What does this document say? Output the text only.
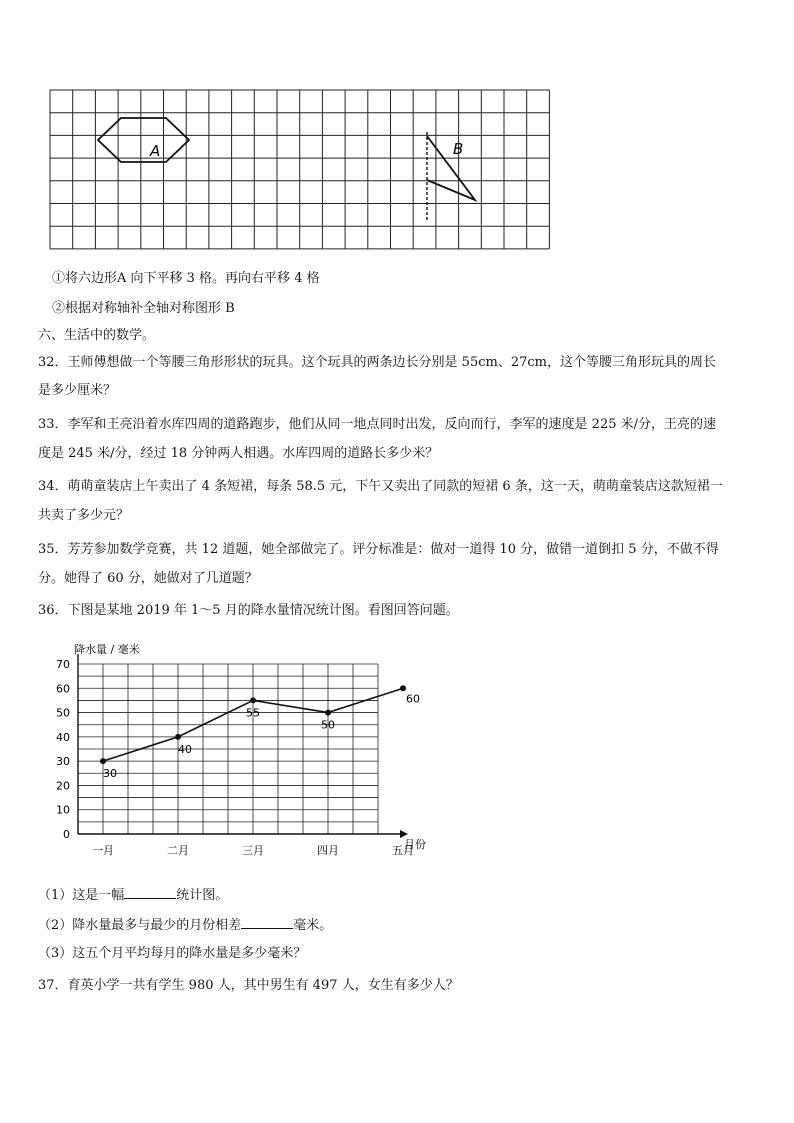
A	B
①将六边形A 向下平移 3 格。再向右平移 4 格
②根据对称轴补全轴对称图形 B
六、生活中的数学。
32．王师傅想做一个等腰三角形形状的玩具。这个玩具的两条边长分别是 55cm、27cm，这个等腰三角形玩具的周长
是多少厘米？
33．李军和王亮沿着水库四周的道路跑步，他们从同一地点同时出发，反向而行，李军的速度是 225 米/分，王亮的速
度是 245 米/分，经过 18 分钟两人相遇。水库四周的道路长多少米？
34．萌萌童装店上午卖出了 4 条短裙，每条 58.5 元，下午又卖出了同款的短裙 6 条，这一天，萌萌童装店这款短裙一
共卖了多少元？
35．芳芳参加数学竞赛，共 12 道题，她全部做完了。评分标准是：做对一道得 10 分，做错一道倒扣 5 分，不做不得
分。她得了 60 分，她做对了几道题？
36．下图是某地 2019 年 1～5 月的降水量情况统计图。看图回答问题。
降水量 / 毫米
月份
0
10
20
30
40
50
60
70
一月	二月	三月	四月	五月
30
40
55
50
60
（1）这是一幅	统计图。
（2）降水量最多与最少的月份相差	毫米。
（3）这五个月平均每月的降水量是多少毫米？
37．育英小学一共有学生 980 人，其中男生有 497 人，女生有多少人？
